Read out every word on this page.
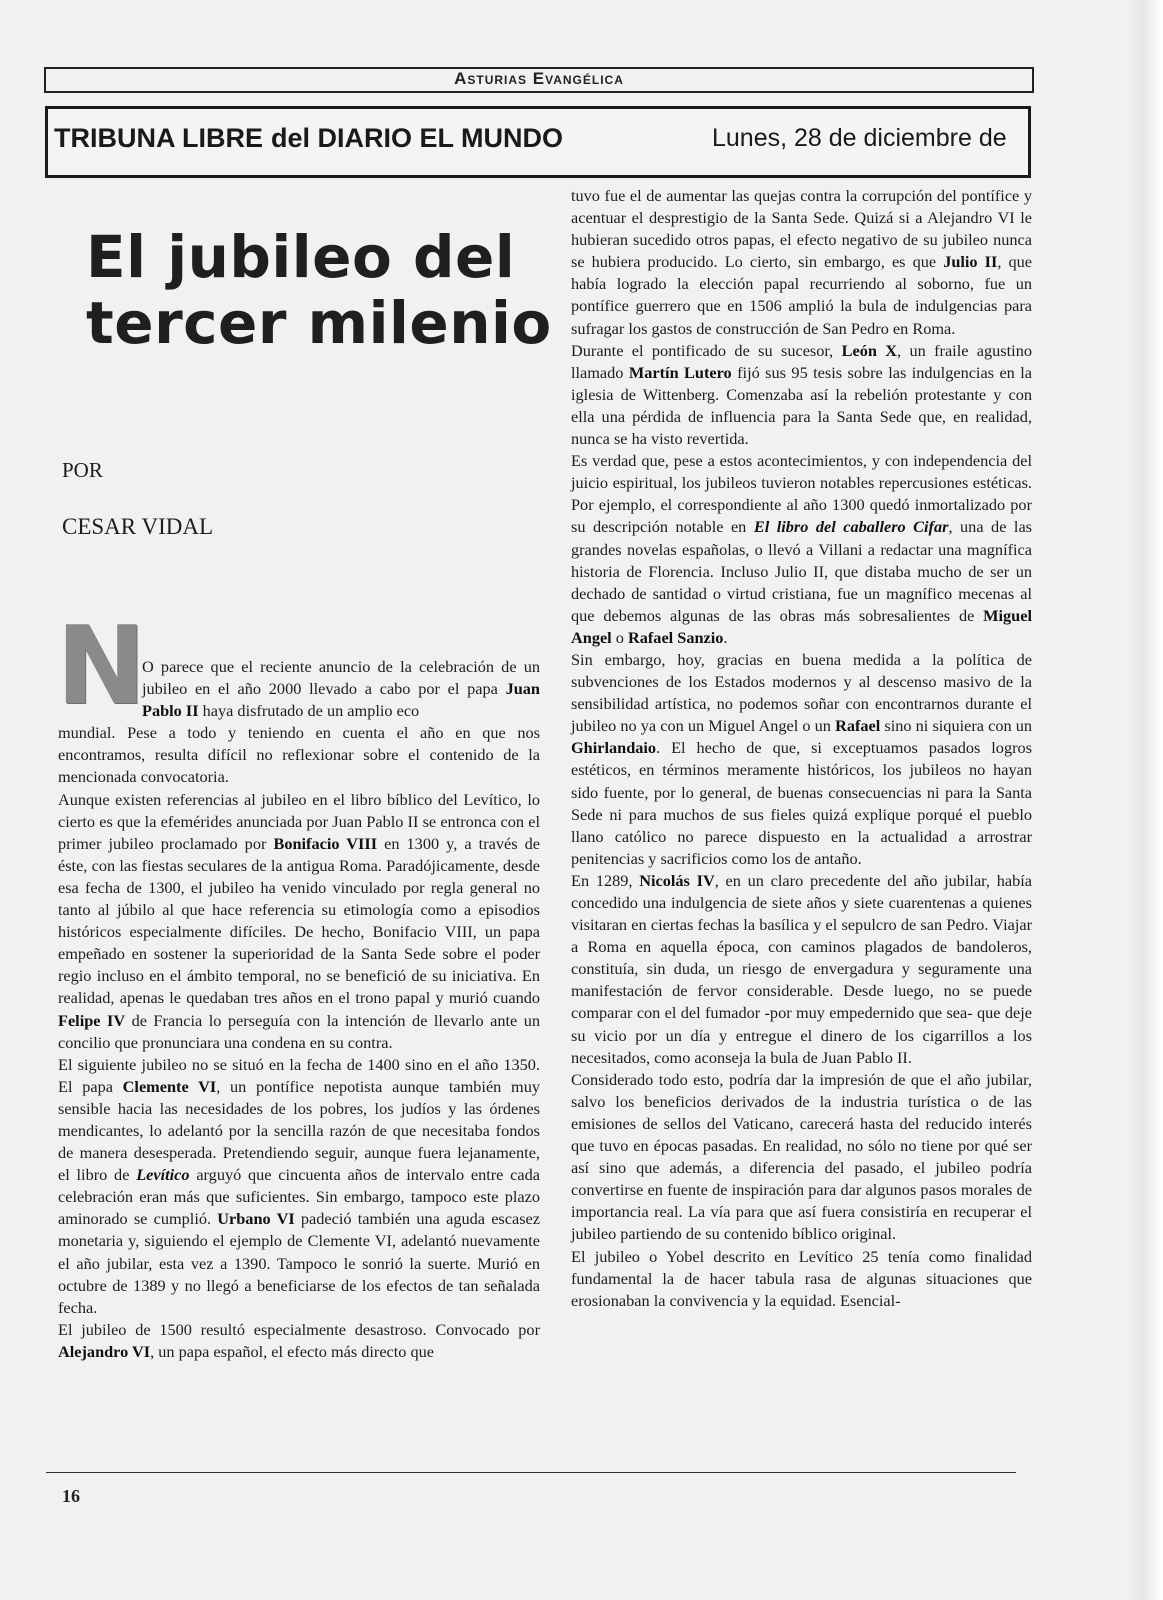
Asturias Evangélica
TRIBUNA LIBRE del DIARIO EL MUNDO	Lunes, 28 de diciembre de
El jubileo del
tercer milenio
POR
CESAR VIDAL
N

O parece que el reciente anuncio de la celebración de un jubileo en el año 2000 llevado a cabo por el papa Juan Pablo II haya disfrutado de un amplio eco

mundial. Pese a todo y teniendo en cuenta el año en que nos encontramos, resulta difícil no reflexionar sobre el contenido de la mencionada convocatoria.

Aunque existen referencias al jubileo en el libro bíblico del Levítico, lo cierto es que la efemérides anunciada por Juan Pablo II se entronca con el primer jubileo proclamado por Bonifacio VIII en 1300 y, a través de éste, con las fiestas seculares de la antigua Roma. Paradójicamente, desde esa fecha de 1300, el jubileo ha venido vinculado por regla general no tanto al júbilo al que hace referencia su etimología como a episodios históricos especialmente difíciles. De hecho, Bonifacio VIII, un papa empeñado en sostener la superioridad de la Santa Sede sobre el poder regio incluso en el ámbito temporal, no se benefició de su iniciativa. En realidad, apenas le quedaban tres años en el trono papal y murió cuando Felipe IV de Francia lo perseguía con la intención de llevarlo ante un concilio que pronunciara una condena en su contra.

El siguiente jubileo no se situó en la fecha de 1400 sino en el año 1350. El papa Clemente VI, un pontífice nepotista aunque también muy sensible hacia las necesidades de los pobres, los judíos y las órdenes mendicantes, lo adelantó por la sencilla razón de que necesitaba fondos de manera desesperada. Pretendiendo seguir, aunque fuera lejanamente, el libro de Levítico arguyó que cincuenta años de intervalo entre cada celebración eran más que suficientes. Sin embargo, tampoco este plazo aminorado se cumplió. Urbano VI padeció también una aguda escasez monetaria y, siguiendo el ejemplo de Clemente VI, adelantó nuevamente el año jubilar, esta vez a 1390. Tampoco le sonrió la suerte. Murió en octubre de 1389 y no llegó a beneficiarse de los efectos de tan señalada fecha.

El jubileo de 1500 resultó especialmente desastroso. Convocado por Alejandro VI, un papa español, el efecto más directo que

tuvo fue el de aumentar las quejas contra la corrupción del pontífice y acentuar el desprestigio de la Santa Sede. Quizá si a Alejandro VI le hubieran sucedido otros papas, el efecto negativo de su jubileo nunca se hubiera producido. Lo cierto, sin embargo, es que Julio II, que había logrado la elección papal recurriendo al soborno, fue un pontífice guerrero que en 1506 amplió la bula de indulgencias para sufragar los gastos de construcción de San Pedro en Roma.

Durante el pontificado de su sucesor, León X, un fraile agustino llamado Martín Lutero fijó sus 95 tesis sobre las indulgencias en la iglesia de Wittenberg. Comenzaba así la rebelión protestante y con ella una pérdida de influencia para la Santa Sede que, en realidad, nunca se ha visto revertida.

Es verdad que, pese a estos acontecimientos, y con independencia del juicio espiritual, los jubileos tuvieron notables repercusiones estéticas. Por ejemplo, el correspondiente al año 1300 quedó inmortalizado por su descripción notable en El libro del caballero Cifar, una de las grandes novelas españolas, o llevó a Villani a redactar una magnífica historia de Florencia. Incluso Julio II, que distaba mucho de ser un dechado de santidad o virtud cristiana, fue un magnífico mecenas al que debemos algunas de las obras más sobresalientes de Miguel Angel o Rafael Sanzio.

Sin embargo, hoy, gracias en buena medida a la política de subvenciones de los Estados modernos y al descenso masivo de la sensibilidad artística, no podemos soñar con encontrarnos durante el jubileo no ya con un Miguel Angel o un Rafael sino ni siquiera con un Ghirlandaio. El hecho de que, si exceptuamos pasados logros estéticos, en términos meramente históricos, los jubileos no hayan sido fuente, por lo general, de buenas consecuencias ni para la Santa Sede ni para muchos de sus fieles quizá explique porqué el pueblo llano católico no parece dispuesto en la actualidad a arrostrar penitencias y sacrificios como los de antaño.

En 1289, Nicolás IV, en un claro precedente del año jubilar, había concedido una indulgencia de siete años y siete cuarentenas a quienes visitaran en ciertas fechas la basílica y el sepulcro de san Pedro. Viajar a Roma en aquella época, con caminos plagados de bandoleros, constituía, sin duda, un riesgo de envergadura y seguramente una manifestación de fervor considerable. Desde luego, no se puede comparar con el del fumador -por muy empedernido que sea- que deje su vicio por un día y entregue el dinero de los cigarrillos a los necesitados, como aconseja la bula de Juan Pablo II.

Considerado todo esto, podría dar la impresión de que el año jubilar, salvo los beneficios derivados de la industria turística o de las emisiones de sellos del Vaticano, carecerá hasta del reducido interés que tuvo en épocas pasadas. En realidad, no sólo no tiene por qué ser así sino que además, a diferencia del pasado, el jubileo podría convertirse en fuente de inspiración para dar algunos pasos morales de importancia real. La vía para que así fuera consistiría en recuperar el jubileo partiendo de su contenido bíblico original.

El jubileo o Yobel descrito en Levítico 25 tenía como finalidad fundamental la de hacer tabula rasa de algunas situaciones que erosionaban la convivencia y la equidad. Esencial-

16
